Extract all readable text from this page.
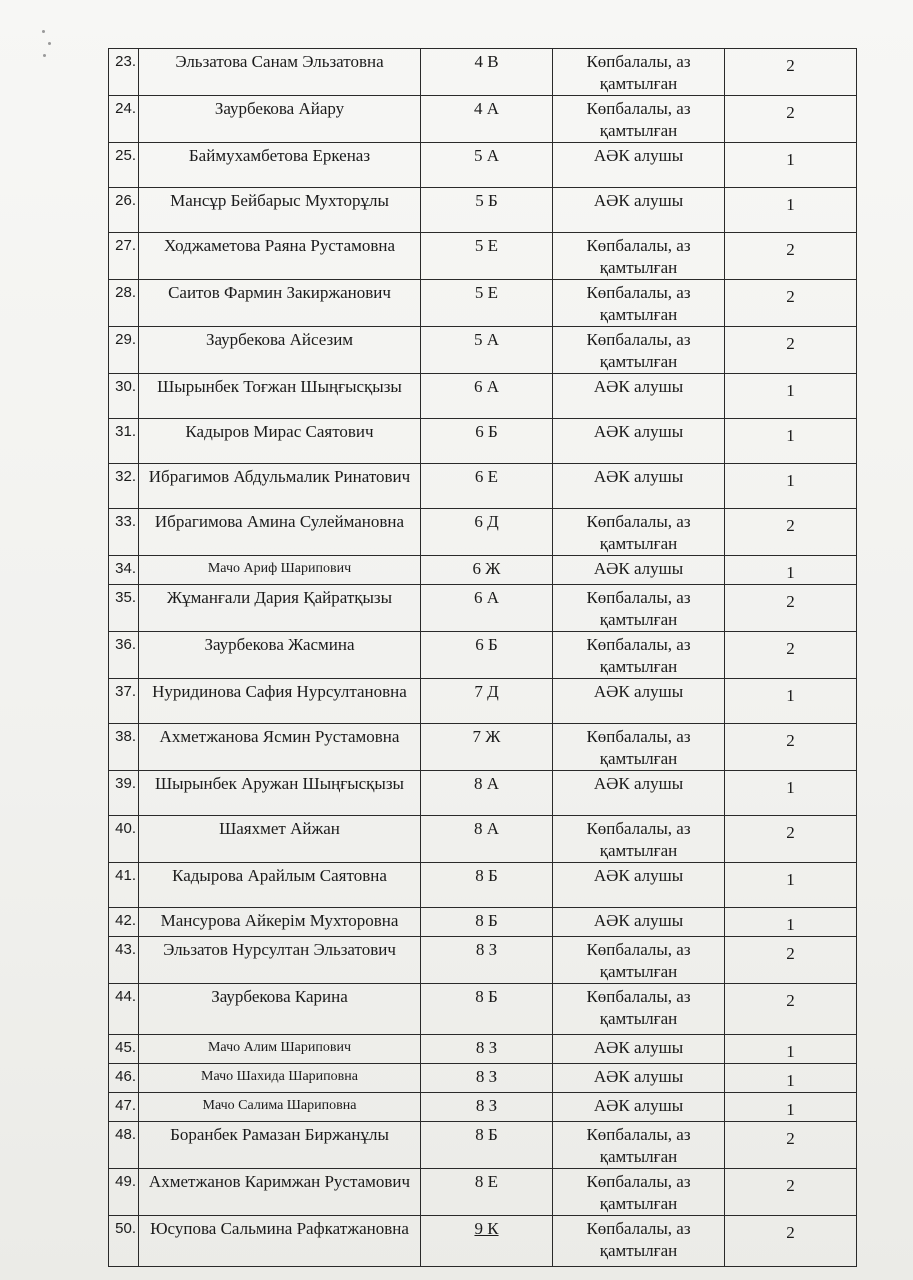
23.	Эльзатова Санам Эльзатовна	4 В	Көпбалалы, аз қамтылған	2
24.	Заурбекова Айару	4 А	Көпбалалы, аз қамтылған	2
25.	Баймухамбетова Еркеназ	5 А	АӘК алушы	1
26.	Мансұр Бейбарыс Мухторұлы	5 Б	АӘК алушы	1
27.	Ходжаметова Раяна Рустамовна	5 Е	Көпбалалы, аз қамтылған	2
28.	Саитов Фармин Закиржанович	5 Е	Көпбалалы, аз қамтылған	2
29.	Заурбекова Айсезим	5 А	Көпбалалы, аз қамтылған	2
30.	Шырынбек Тоғжан Шыңғысқызы	6 А	АӘК алушы	1
31.	Кадыров Мирас Саятович	6 Б	АӘК алушы	1
32.	Ибрагимов Абдульмалик Ринатович	6 Е	АӘК алушы	1
33.	Ибрагимова Амина Сулеймановна	6 Д	Көпбалалы, аз қамтылған	2
34.	Мачо Ариф Шарипович	6 Ж	АӘК алушы	1
35.	Жұманғали Дария Қайратқызы	6 А	Көпбалалы, аз қамтылған	2
36.	Заурбекова Жасмина	6 Б	Көпбалалы, аз қамтылған	2
37.	Нуридинова Сафия Нурсултановна	7 Д	АӘК алушы	1
38.	Ахметжанова Ясмин Рустамовна	7 Ж	Көпбалалы, аз қамтылған	2
39.	Шырынбек Аружан Шыңғысқызы	8 А	АӘК алушы	1
40.	Шаяхмет Айжан	8 А	Көпбалалы, аз қамтылған	2
41.	Кадырова Арайлым Саятовна	8 Б	АӘК алушы	1
42.	Мансурова Айкерім Мухторовна	8 Б	АӘК алушы	1
43.	Эльзатов Нурсултан Эльзатович	8 З	Көпбалалы, аз қамтылған	2
44.	Заурбекова Карина	8 Б	Көпбалалы, аз қамтылған	2
45.	Мачо Алим Шарипович	8 З	АӘК алушы	1
46.	Мачо Шахида Шариповна	8 З	АӘК алушы	1
47.	Мачо Салима Шариповна	8 З	АӘК алушы	1
48.	Боранбек Рамазан Биржанұлы	8 Б	Көпбалалы, аз қамтылған	2
49.	Ахметжанов Каримжан Рустамович	8 Е	Көпбалалы, аз қамтылған	2
50.	Юсупова Сальмина Рафкатжановна	9 К	Көпбалалы, аз қамтылған	2
